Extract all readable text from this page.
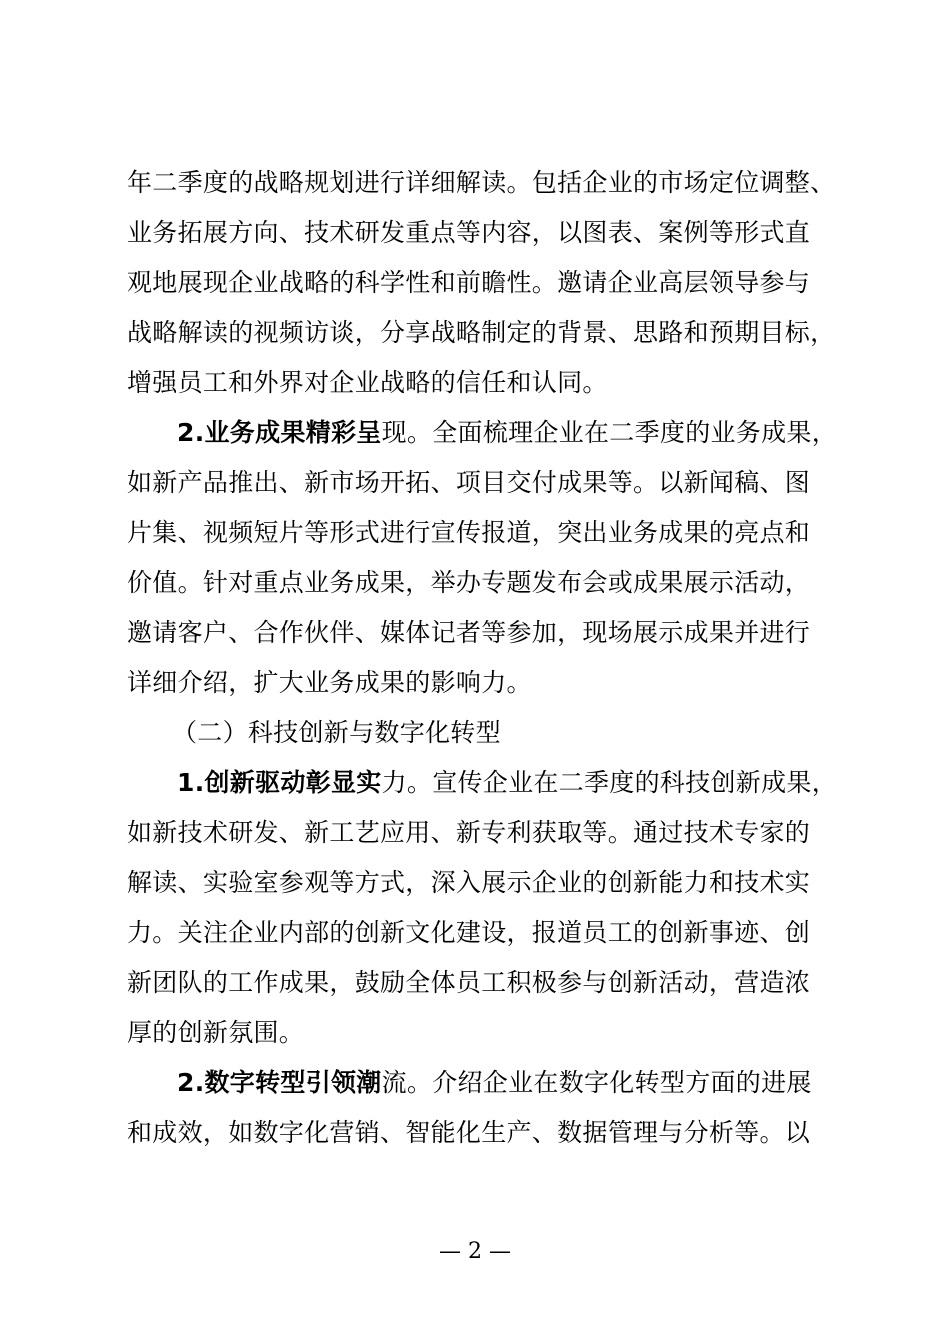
年二季度的战略规划进行详细解读。包括企业的市场定位调整、
业务拓展方向、技术研发重点等内容，以图表、案例等形式直
观地展现企业战略的科学性和前瞻性。邀请企业高层领导参与
战略解读的视频访谈，分享战略制定的背景、思路和预期目标，
增强员工和外界对企业战略的信任和认同。
2.业务成果精彩呈现。全面梳理企业在二季度的业务成果，
如新产品推出、新市场开拓、项目交付成果等。以新闻稿、图
片集、视频短片等形式进行宣传报道，突出业务成果的亮点和
价值。针对重点业务成果，举办专题发布会或成果展示活动，
邀请客户、合作伙伴、媒体记者等参加，现场展示成果并进行
详细介绍，扩大业务成果的影响力。
（二）科技创新与数字化转型
1.创新驱动彰显实力。宣传企业在二季度的科技创新成果，
如新技术研发、新工艺应用、新专利获取等。通过技术专家的
解读、实验室参观等方式，深入展示企业的创新能力和技术实
力。关注企业内部的创新文化建设，报道员工的创新事迹、创
新团队的工作成果，鼓励全体员工积极参与创新活动，营造浓
厚的创新氛围。
2.数字转型引领潮流。介绍企业在数字化转型方面的进展
和成效，如数字化营销、智能化生产、数据管理与分析等。以
— 2 —
